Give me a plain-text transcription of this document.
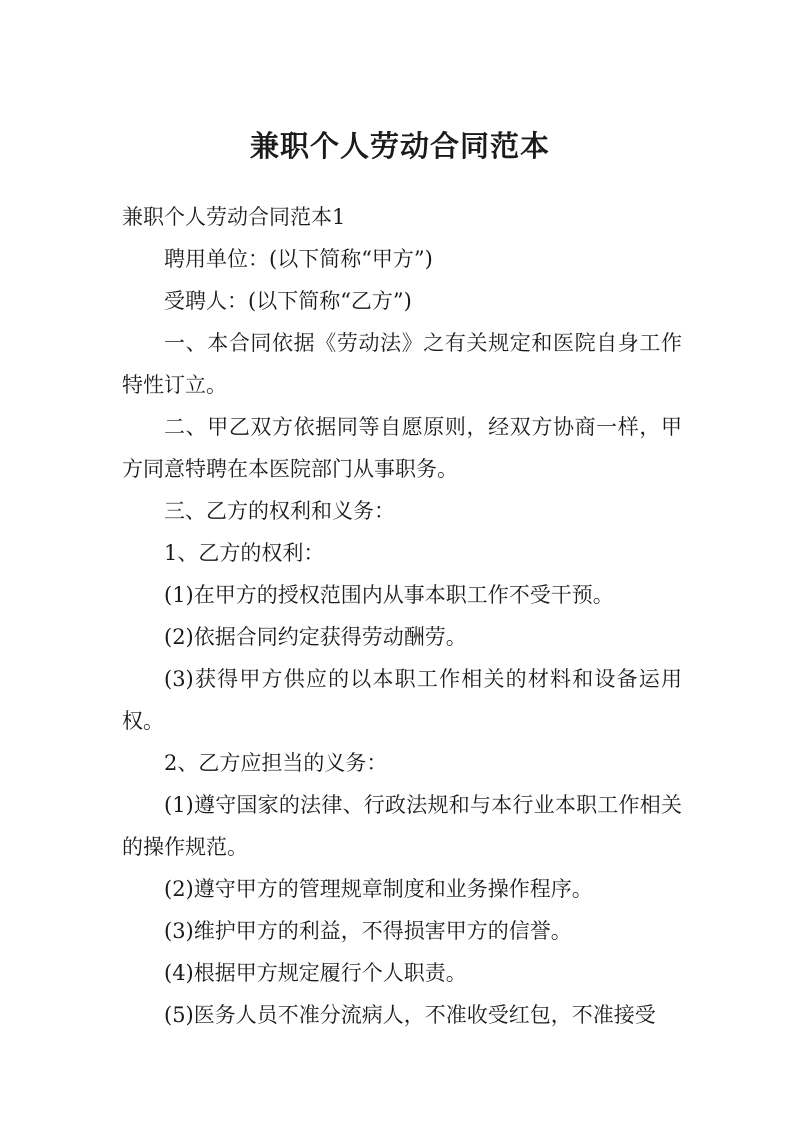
兼职个人劳动合同范本

兼职个人劳动合同范本1

聘用单位：(以下简称“甲方”)

受聘人：(以下简称“乙方”)

一、本合同依据《劳动法》之有关规定和医院自身工作特性订立。

二、甲乙双方依据同等自愿原则，经双方协商一样，甲方同意特聘在本医院部门从事职务。

三、乙方的权利和义务：

1、乙方的权利：

(1)在甲方的授权范围内从事本职工作不受干预。

(2)依据合同约定获得劳动酬劳。

(3)获得甲方供应的以本职工作相关的材料和设备运用权。

2、乙方应担当的义务：

(1)遵守国家的法律、行政法规和与本行业本职工作相关的操作规范。

(2)遵守甲方的管理规章制度和业务操作程序。

(3)维护甲方的利益，不得损害甲方的信誉。

(4)根据甲方规定履行个人职责。

(5)医务人员不准分流病人，不准收受红包，不准接受
